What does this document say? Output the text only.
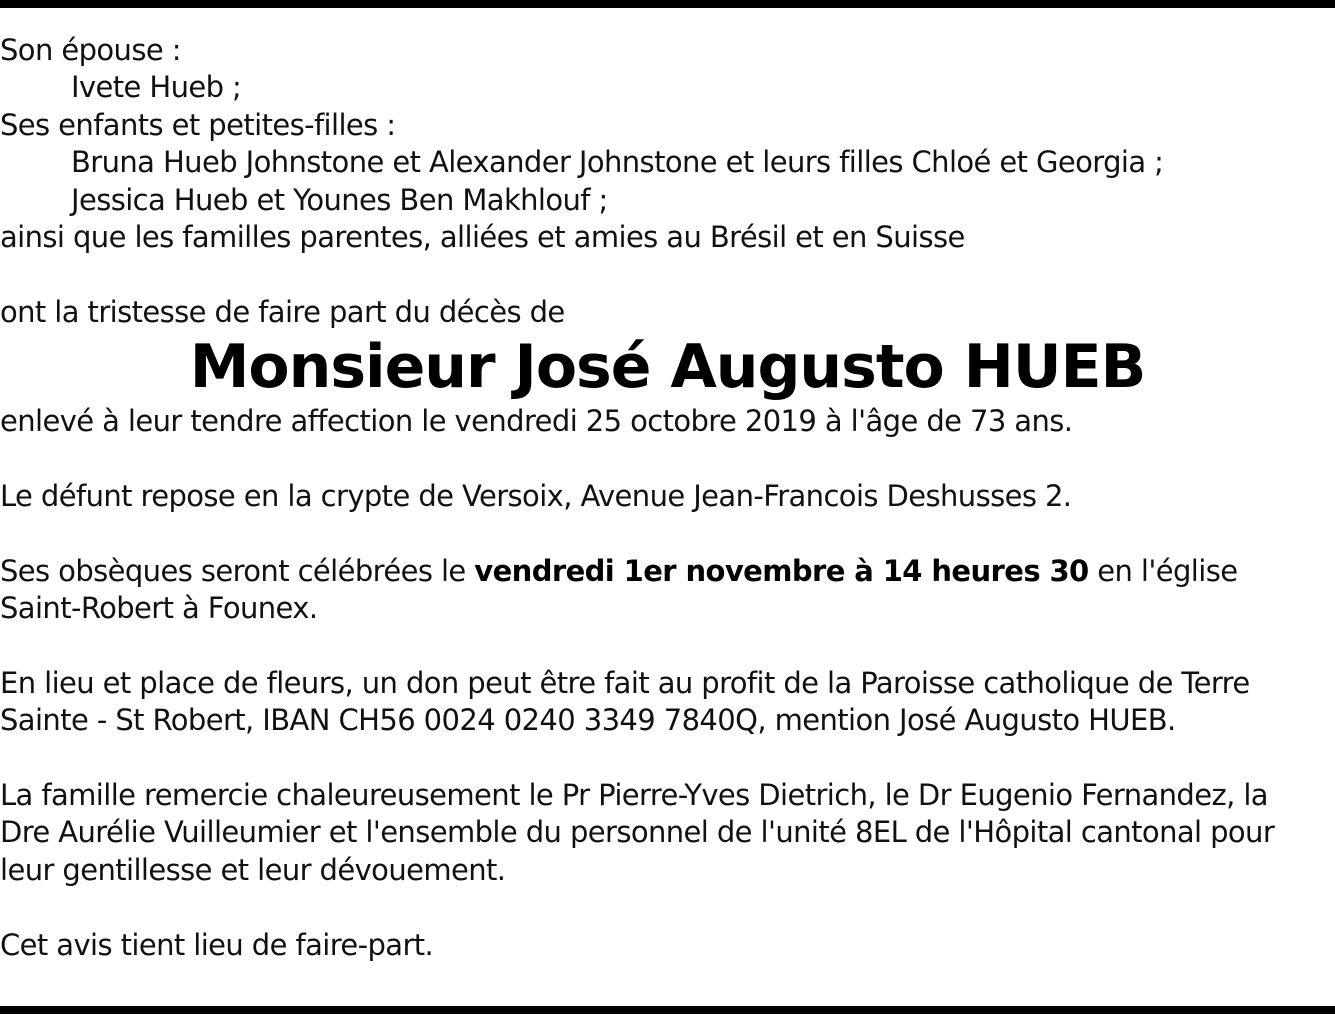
Son épouse :
Ivete Hueb ;
Ses enfants et petites-filles :
Bruna Hueb Johnstone et Alexander Johnstone et leurs filles Chloé et Georgia ;
Jessica Hueb et Younes Ben Makhlouf ;
ainsi que les familles parentes, alliées et amies au Brésil et en Suisse
ont la tristesse de faire part du décès de
Monsieur José Augusto HUEB
enlevé à leur tendre affection le vendredi 25 octobre 2019 à l'âge de 73 ans.
Le défunt repose en la crypte de Versoix, Avenue Jean-Francois Deshusses 2.
Ses obsèques seront célébrées le vendredi 1er novembre à 14 heures 30 en l'église
Saint-Robert à Founex.
En lieu et place de fleurs, un don peut être fait au profit de la Paroisse catholique de Terre
Sainte - St Robert, IBAN CH56 0024 0240 3349 7840Q, mention José Augusto HUEB.
La famille remercie chaleureusement le Pr Pierre-Yves Dietrich, le Dr Eugenio Fernandez, la
Dre Aurélie Vuilleumier et l'ensemble du personnel de l'unité 8EL de l'Hôpital cantonal pour
leur gentillesse et leur dévouement.
Cet avis tient lieu de faire-part.
